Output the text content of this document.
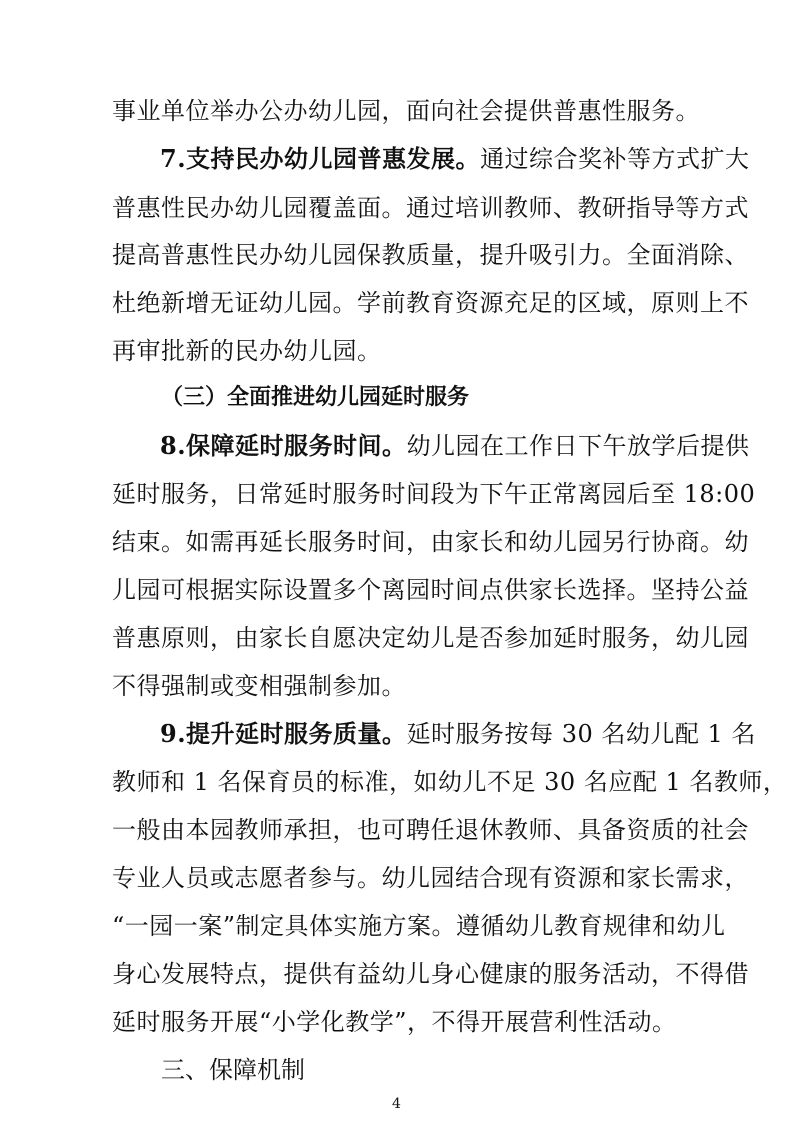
事业单位举办公办幼儿园，面向社会提供普惠性服务。
7.支持民办幼儿园普惠发展。通过综合奖补等方式扩大
普惠性民办幼儿园覆盖面。通过培训教师、教研指导等方式
提高普惠性民办幼儿园保教质量，提升吸引力。全面消除、
杜绝新增无证幼儿园。学前教育资源充足的区域，原则上不
再审批新的民办幼儿园。
（三）全面推进幼儿园延时服务
8.保障延时服务时间。幼儿园在工作日下午放学后提供
延时服务，日常延时服务时间段为下午正常离园后至 18:00
结束。如需再延长服务时间，由家长和幼儿园另行协商。幼
儿园可根据实际设置多个离园时间点供家长选择。坚持公益
普惠原则，由家长自愿决定幼儿是否参加延时服务，幼儿园
不得强制或变相强制参加。
9.提升延时服务质量。延时服务按每 30 名幼儿配 1 名
教师和 1 名保育员的标准，如幼儿不足 30 名应配 1 名教师，
一般由本园教师承担，也可聘任退休教师、具备资质的社会
专业人员或志愿者参与。幼儿园结合现有资源和家长需求，
“一园一案”制定具体实施方案。遵循幼儿教育规律和幼儿
身心发展特点，提供有益幼儿身心健康的服务活动，不得借
延时服务开展“小学化教学”，不得开展营利性活动。
三、保障机制
4
